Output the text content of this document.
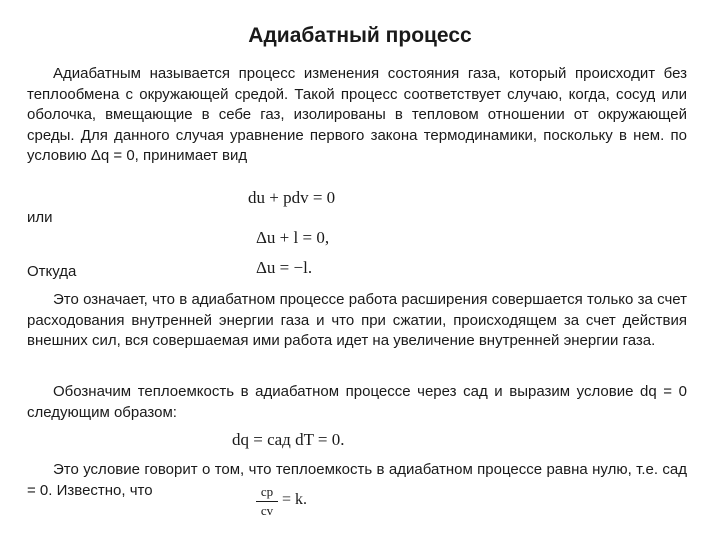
Адиабатный процесс

Адиабатным называется процесс изменения состояния газа, который происходит без теплообмена с окружающей средой. Такой процесс соответствует случаю, когда, сосуд или оболочка, вмещающие в себе газ, изолированы в тепловом отношении от окружающей среды. Для данного случая уравнение первого закона термодинамики, поскольку в нем. по условию Δq = 0, принимает вид

du + pdv = 0
или
Δu + l = 0,
Откуда	Δu = −l.

Это означает, что в адиабатном процессе работа расширения совершается только за счет расходования внутренней энергии газа и что при сжатии, происходящем за счет действия внешних сил, вся совершаемая ими работа идет на увеличение внутренней энергии газа.

Обозначим теплоемкость в адиабатном процессе через сад и выразим условие dq = 0 следующим образом:

dq = cад dT = 0.

Это условие говорит о том, что теплоемкость в адиабатном процессе равна нулю, т.е. сад = 0. Известно, что	cp
cv
= k.
